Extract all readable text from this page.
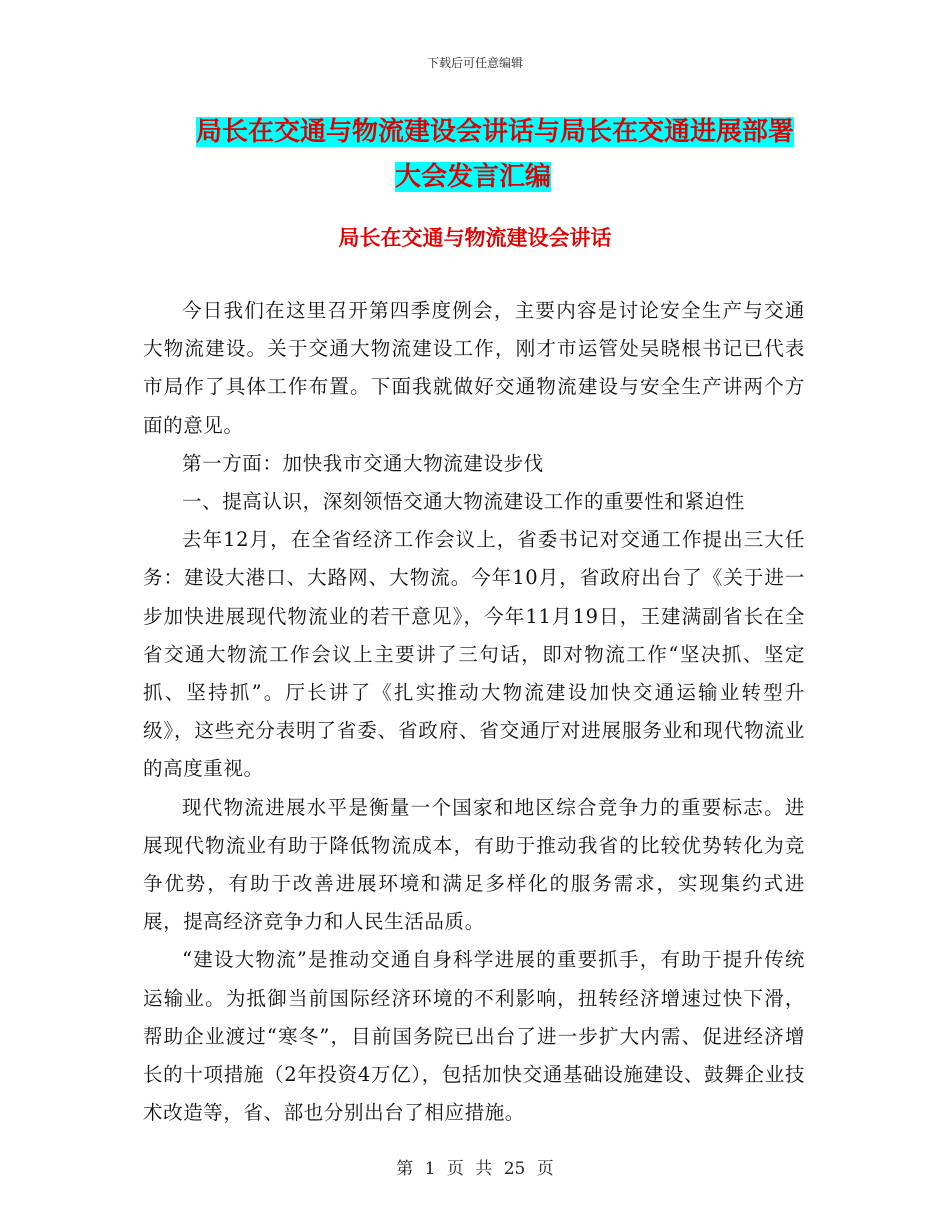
下载后可任意编辑
局长在交通与物流建设会讲话与局长在交通进展部署
大会发言汇编
局长在交通与物流建设会讲话

今日我们在这里召开第四季度例会，主要内容是讨论安全生产与交通大物流建设。关于交通大物流建设工作，刚才市运管处吴晓根书记已代表市局作了具体工作布置。下面我就做好交通物流建设与安全生产讲两个方面的意见。

第一方面：加快我市交通大物流建设步伐

一、提高认识，深刻领悟交通大物流建设工作的重要性和紧迫性

去年12月，在全省经济工作会议上，省委书记对交通工作提出三大任务：建设大港口、大路网、大物流。今年10月，省政府出台了《关于进一步加快进展现代物流业的若干意见》，今年11月19日，王建满副省长在全省交通大物流工作会议上主要讲了三句话，即对物流工作“坚决抓、坚定抓、坚持抓”。厅长讲了《扎实推动大物流建设加快交通运输业转型升级》，这些充分表明了省委、省政府、省交通厅对进展服务业和现代物流业的高度重视。

现代物流进展水平是衡量一个国家和地区综合竞争力的重要标志。进展现代物流业有助于降低物流成本，有助于推动我省的比较优势转化为竞争优势，有助于改善进展环境和满足多样化的服务需求，实现集约式进展，提高经济竞争力和人民生活品质。

“建设大物流”是推动交通自身科学进展的重要抓手，有助于提升传统运输业。为抵御当前国际经济环境的不利影响，扭转经济增速过快下滑，帮助企业渡过“寒冬”，目前国务院已出台了进一步扩大内需、促进经济增长的十项措施（2年投资4万亿），包括加快交通基础设施建设、鼓舞企业技术改造等，省、部也分别出台了相应措施。

第 1 页 共 25 页
